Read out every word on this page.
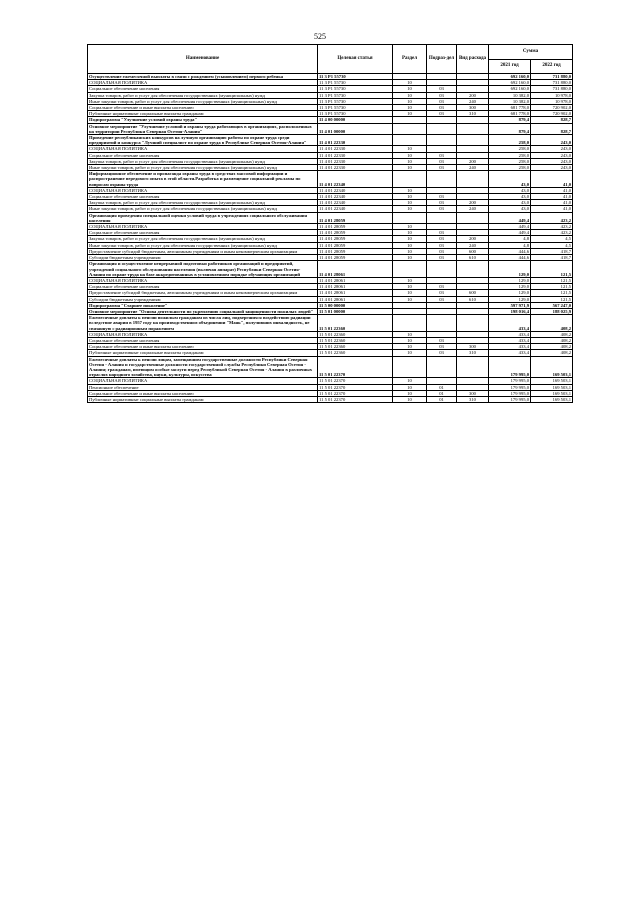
525
Наименование	Целевая статья	Раздел	Подраз-дел	Вид расхода	Сумма	
					2021 год	2022 год
Осуществление ежемесячной выплаты в связи с рождением (усыновлением) первого ребенка	11 3 P1 55730				692 160,0	731 880,0
СОЦИАЛЬНАЯ ПОЛИТИКА	11 3 P1 55730	10			692 160,0	731 880,0
Социальное обеспечение населения	11 3 P1 55730	10	03		692 160,0	731 880,0
Закупка товаров, работ и услуг для обеспечения государственных (муниципальных) нужд	11 3 P1 55730	10	03	200	10 382,0	10 978,0
Иные закупки товаров, работ и услуг для обеспечения государственных (муниципальных) нужд	11 3 P1 55730	10	03	240	10 382,0	10 978,0
Социальное обеспечение и иные выплаты населению	11 3 P1 55730	10	03	300	681 778,0	720 902,0
Публичные нормативные социальные выплаты гражданам	11 3 P1 55730	10	03	310	681 778,0	720 902,0
Подпрограмма "Улучшение условий охраны труда"	11 4 00 00000				879,4	828,7
Основное мероприятие "Улучшение условий и охраны труда работающих в организациях, расположенных на территории Республики Северная Осетия-Алания"	11 4 01 00000				879,4	828,7
Проведение республиканских конкурсов на лучшую организацию работы по охране труда среди предприятий и конкурса "Лучший специалист по охране труда в Республике Северная Осетия-Алания"	11 4 01 22330				258,0	243,0
СОЦИАЛЬНАЯ ПОЛИТИКА	11 4 01 22330	10			258,0	243,0
Социальное обеспечение населения	11 4 01 22330	10	03		258,0	243,0
Закупка товаров, работ и услуг для обеспечения государственных (муниципальных) нужд	11 4 01 22330	10	03	200	258,0	243,0
Иные закупки товаров, работ и услуг для обеспечения государственных (муниципальных) нужд	11 4 01 22330	10	03	240	258,0	243,0
Информационное обеспечение и пропаганда охраны труда в средствах массовой информации и распространение передового опыта в этой области.Разработка и размещение социальной рекламы по вопросам охраны труда	11 4 01 22340				43,0	41,0
СОЦИАЛЬНАЯ ПОЛИТИКА	11 4 01 22340	10			43,0	41,0
Социальное обеспечение населения	11 4 01 22340	10	03		43,0	41,0
Закупка товаров, работ и услуг для обеспечения государственных (муниципальных) нужд	11 4 01 22340	10	03	200	43,0	41,0
Иные закупки товаров, работ и услуг для обеспечения государственных (муниципальных) нужд	11 4 01 22340	10	03	240	43,0	41,0
Организация проведения специальной оценки условий труда в учреждениях социального обслуживания населения	11 4 01 28059				449,4	423,2
СОЦИАЛЬНАЯ ПОЛИТИКА	11 4 01 28059	10			449,4	423,2
Социальное обеспечение населения	11 4 01 28059	10	03		449,4	423,2
Закупка товаров, работ и услуг для обеспечения государственных (муниципальных) нужд	11 4 01 28059	10	03	200	4,8	4,5
Иные закупки товаров, работ и услуг для обеспечения государственных (муниципальных) нужд	11 4 01 28059	10	03	240	4,8	4,5
Предоставление субсидий бюджетным, автономным учреждениям и иным некоммерческим организациям	11 4 01 28059	10	03	600	444,6	418,7
Субсидии бюджетным учреждениям	11 4 01 28059	10	03	610	444,6	418,7
Организация и осуществление непрерывной подготовки работников организаций и предприятий, учреждений социального обслуживания населения (включая аппарат) Республики Северная Осетия-Алания по охране труда на базе аккредитованных в установленном порядке обучающих организаций	11 4 01 28061				129,0	121,5
СОЦИАЛЬНАЯ ПОЛИТИКА	11 4 01 28061	10			129,0	121,5
Социальное обеспечение населения	11 4 01 28061	10	03		129,0	121,5
Предоставление субсидий бюджетным, автономным учреждениям и иным некоммерческим организациям	11 4 01 28061	10	03	600	129,0	121,5
Субсидии бюджетным учреждениям	11 4 01 28061	10	03	610	129,0	121,5
Подпрограмма "Старшее поколение"	11 5 00 00000				597 971,9	567 247,0
Основное мероприятие "Основа деятельности по укреплению социальной защищенности пожилых людей"	11 5 01 00000				198 016,4	188 025,9
Ежемесячные доплаты к пенсии пожилым гражданам из числа лиц, подвергшихся воздействию радиации вследствие аварии в 1957 году на производственном объединении "Маяк", получивших инвалидность, не связанную с радиационным поражением	11 5 01 22360				433,4	408,2
СОЦИАЛЬНАЯ ПОЛИТИКА	11 5 01 22360	10			433,4	408,2
Социальное обеспечение населения	11 5 01 22360	10	03		433,4	408,2
Социальное обеспечение и иные выплаты населению	11 5 01 22360	10	03	300	433,4	408,2
Публичные нормативные социальные выплаты гражданам	11 5 01 22360	10	03	310	433,4	408,2
Ежемесячные доплаты к пенсии лицам, замещавшим государственные должности Республики Северная Осетия - Алания и государственные должности государственной службы Республики Северная Осетия - Алания; гражданам, имеющим особые заслуги перед Республикой Северная Осетия - Алания в различных отраслях народного хозяйства, науки, культуры, искусства	11 5 01 22370				179 995,0	169 503,1
СОЦИАЛЬНАЯ ПОЛИТИКА	11 5 01 22370	10			179 995,0	169 503,1
Пенсионное обеспечение	11 5 01 22370	10	01		179 995,0	169 503,1
Социальное обеспечение и иные выплаты населению	11 5 01 22370	10	01	300	179 995,0	169 503,1
Публичные нормативные социальные выплаты гражданам	11 5 01 22370	10	01	310	179 995,0	169 503,1
